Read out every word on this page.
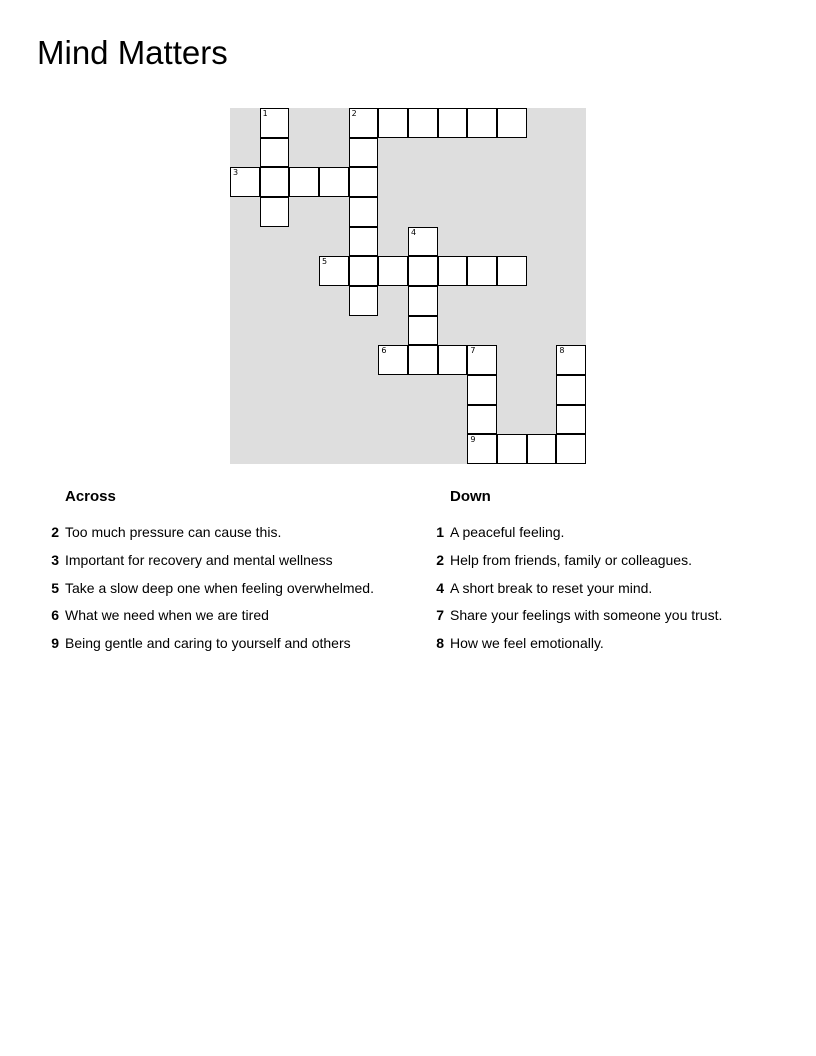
Mind Matters
1	2
3
4
5
6	7	8
9
Across
2 Too much pressure can cause this.
3 Important for recovery and mental wellness
5 Take a slow deep one when feeling overwhelmed.
6 What we need when we are tired
9 Being gentle and caring to yourself and others
Down
1 A peaceful feeling.
2 Help from friends, family or colleagues.
4 A short break to reset your mind.
7 Share your feelings with someone you trust.
8 How we feel emotionally.
